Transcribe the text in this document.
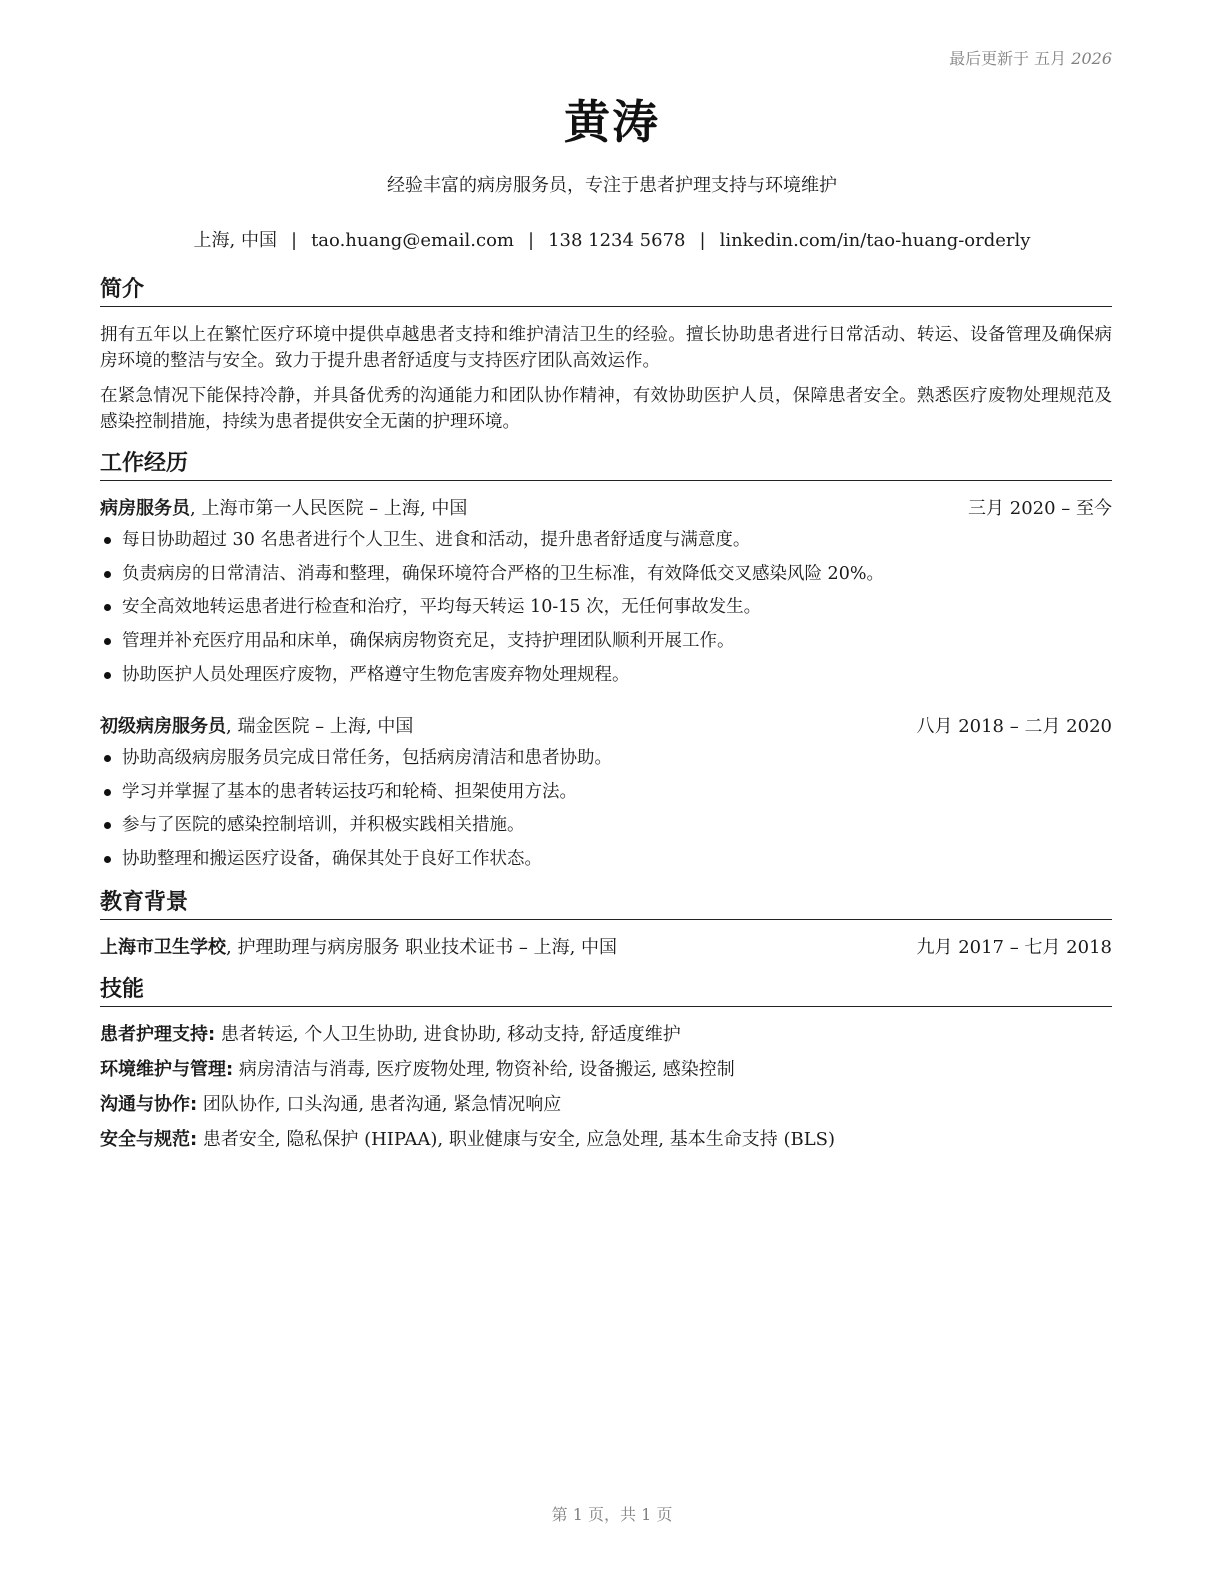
最后更新于 五月 2026
黄涛
经验丰富的病房服务员，专注于患者护理支持与环境维护
上海, 中国 | tao.huang@email.com | 138 1234 5678 | linkedin.com/in/tao-huang-orderly
简介
拥有五年以上在繁忙医疗环境中提供卓越患者支持和维护清洁卫生的经验。擅长协助患者进行日常活动、转运、设备管理及确保病房环境的整洁与安全。致力于提升患者舒适度与支持医疗团队高效运作。
在紧急情况下能保持冷静，并具备优秀的沟通能力和团队协作精神，有效协助医护人员，保障患者安全。熟悉医疗废物处理规范及感染控制措施，持续为患者提供安全无菌的护理环境。
工作经历
病房服务员, 上海市第一人民医院 – 上海, 中国	三月 2020 – 至今
每日协助超过 30 名患者进行个人卫生、进食和活动，提升患者舒适度与满意度。
负责病房的日常清洁、消毒和整理，确保环境符合严格的卫生标准，有效降低交叉感染风险 20%。
安全高效地转运患者进行检查和治疗，平均每天转运 10-15 次，无任何事故发生。
管理并补充医疗用品和床单，确保病房物资充足，支持护理团队顺利开展工作。
协助医护人员处理医疗废物，严格遵守生物危害废弃物处理规程。
初级病房服务员, 瑞金医院 – 上海, 中国	八月 2018 – 二月 2020
协助高级病房服务员完成日常任务，包括病房清洁和患者协助。
学习并掌握了基本的患者转运技巧和轮椅、担架使用方法。
参与了医院的感染控制培训，并积极实践相关措施。
协助整理和搬运医疗设备，确保其处于良好工作状态。
教育背景
上海市卫生学校, 护理助理与病房服务 职业技术证书 – 上海, 中国	九月 2017 – 七月 2018
技能
患者护理支持: 患者转运, 个人卫生协助, 进食协助, 移动支持, 舒适度维护
环境维护与管理: 病房清洁与消毒, 医疗废物处理, 物资补给, 设备搬运, 感染控制
沟通与协作: 团队协作, 口头沟通, 患者沟通, 紧急情况响应
安全与规范: 患者安全, 隐私保护 (HIPAA), 职业健康与安全, 应急处理, 基本生命支持 (BLS)
第 1 页，共 1 页
